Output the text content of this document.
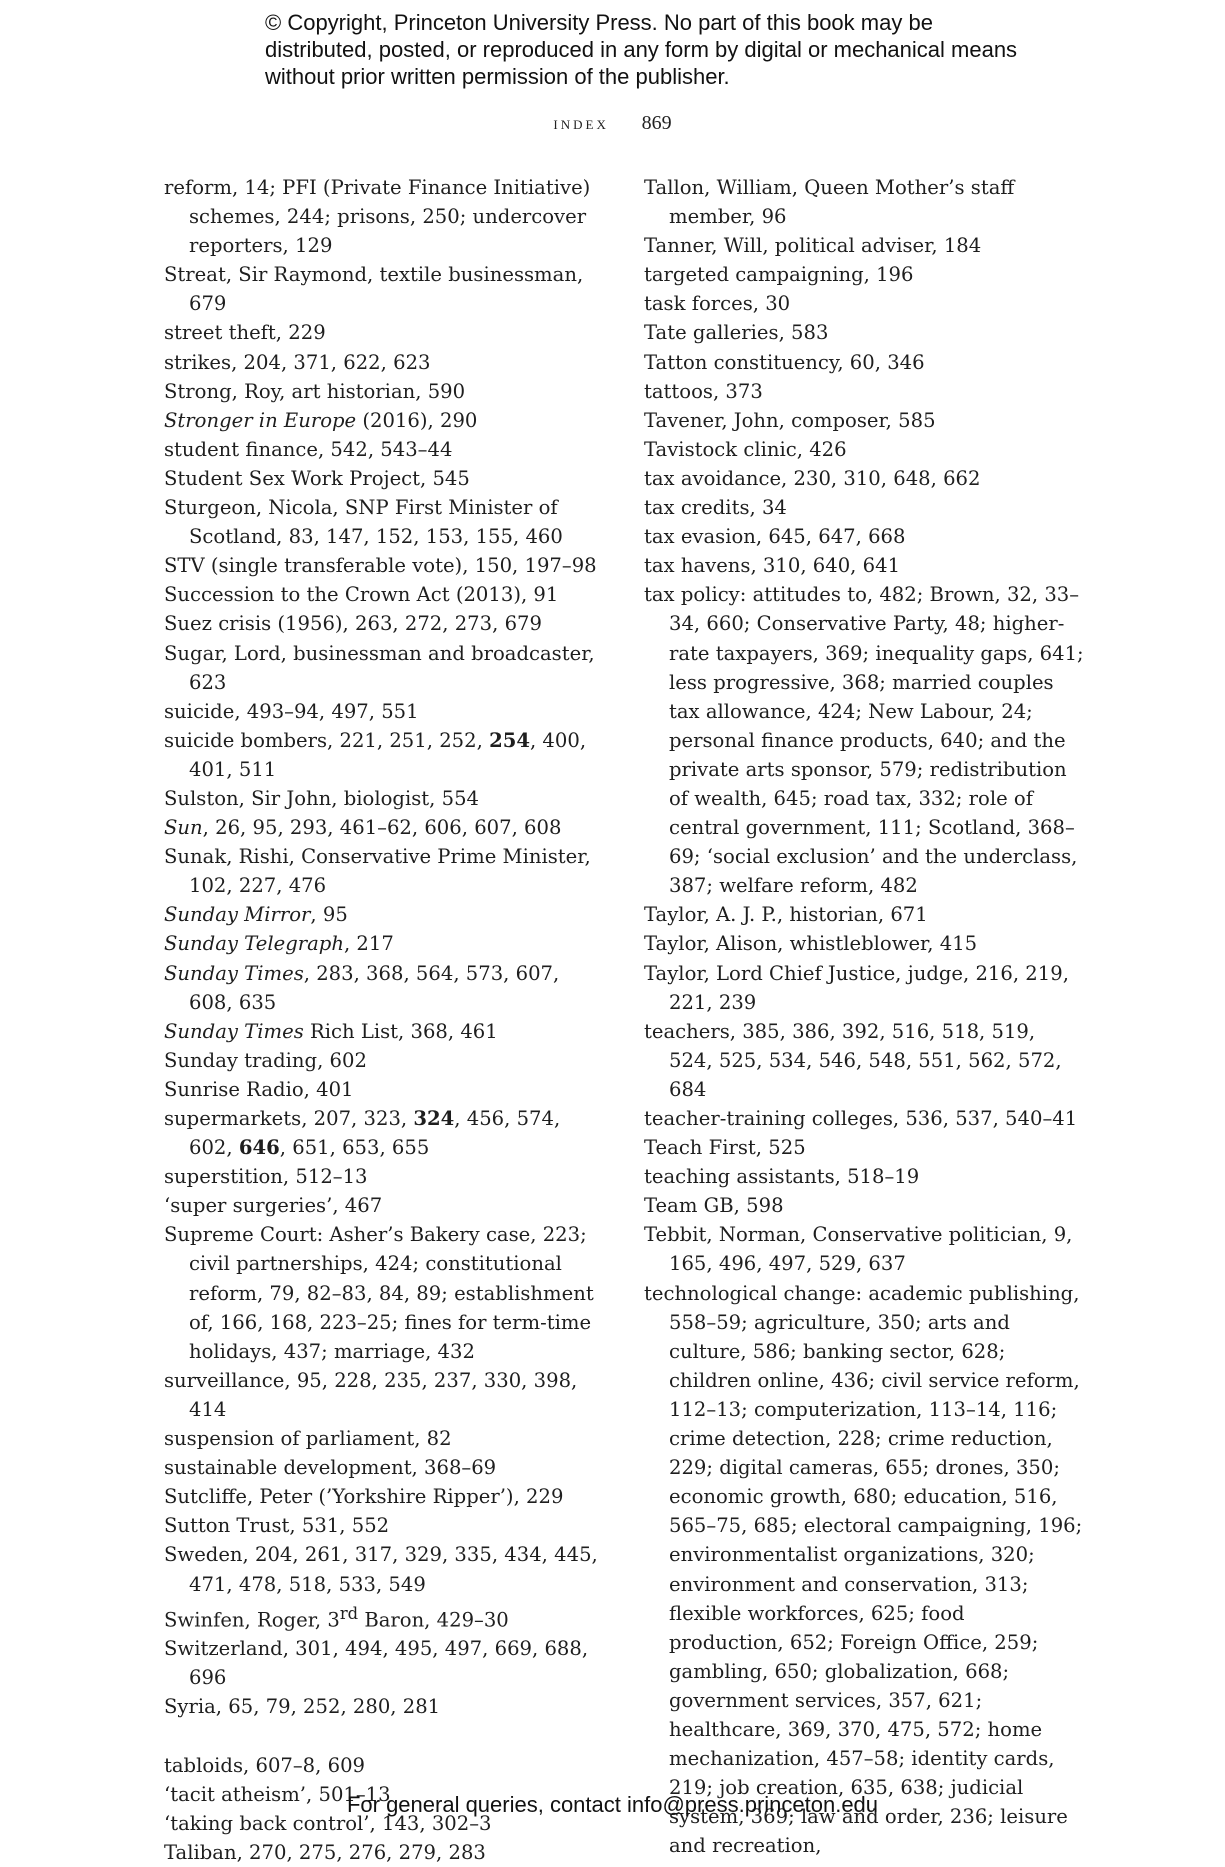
© Copyright, Princeton University Press. No part of this book may be distributed, posted, or reproduced in any form by digital or mechanical means without prior written permission of the publisher.
index 869
reform, 14; PFI (Private Finance Initiative) schemes, 244; prisons, 250; undercover reporters, 129
Streat, Sir Raymond, textile businessman, 679
street theft, 229
strikes, 204, 371, 622, 623
Strong, Roy, art historian, 590
Stronger in Europe (2016), 290
student finance, 542, 543–44
Student Sex Work Project, 545
Sturgeon, Nicola, SNP First Minister of Scotland, 83, 147, 152, 153, 155, 460
STV (single transferable vote), 150, 197–98
Succession to the Crown Act (2013), 91
Suez crisis (1956), 263, 272, 273, 679
Sugar, Lord, businessman and broadcaster, 623
suicide, 493–94, 497, 551
suicide bombers, 221, 251, 252, 254, 400, 401, 511
Sulston, Sir John, biologist, 554
Sun, 26, 95, 293, 461–62, 606, 607, 608
Sunak, Rishi, Conservative Prime Minister, 102, 227, 476
Sunday Mirror, 95
Sunday Telegraph, 217
Sunday Times, 283, 368, 564, 573, 607, 608, 635
Sunday Times Rich List, 368, 461
Sunday trading, 602
Sunrise Radio, 401
supermarkets, 207, 323, 324, 456, 574, 602, 646, 651, 653, 655
superstition, 512–13
‘super surgeries’, 467
Supreme Court: Asher’s Bakery case, 223; civil partnerships, 424; constitutional reform, 79, 82–83, 84, 89; establishment of, 166, 168, 223–25; fines for term-time holidays, 437; marriage, 432
surveillance, 95, 228, 235, 237, 330, 398, 414
suspension of parliament, 82
sustainable development, 368–69
Sutcliffe, Peter (’Yorkshire Ripper’), 229
Sutton Trust, 531, 552
Sweden, 204, 261, 317, 329, 335, 434, 445, 471, 478, 518, 533, 549
Swinfen, Roger, 3rd Baron, 429–30
Switzerland, 301, 494, 495, 497, 669, 688, 696
Syria, 65, 79, 252, 280, 281
tabloids, 607–8, 609
‘tacit atheism’, 501–13
‘taking back control’, 143, 302–3
Taliban, 270, 275, 276, 279, 283
Tallon, William, Queen Mother’s staff member, 96
Tanner, Will, political adviser, 184
targeted campaigning, 196
task forces, 30
Tate galleries, 583
Tatton constituency, 60, 346
tattoos, 373
Tavener, John, composer, 585
Tavistock clinic, 426
tax avoidance, 230, 310, 648, 662
tax credits, 34
tax evasion, 645, 647, 668
tax havens, 310, 640, 641
tax policy: attitudes to, 482; Brown, 32, 33–34, 660; Conservative Party, 48; higher-rate taxpayers, 369; inequality gaps, 641; less progressive, 368; married couples tax allowance, 424; New Labour, 24; personal finance products, 640; and the private arts sponsor, 579; redistribution of wealth, 645; road tax, 332; role of central government, 111; Scotland, 368–69; ‘social exclusion’ and the underclass, 387; welfare reform, 482
Taylor, A. J. P., historian, 671
Taylor, Alison, whistleblower, 415
Taylor, Lord Chief Justice, judge, 216, 219, 221, 239
teachers, 385, 386, 392, 516, 518, 519, 524, 525, 534, 546, 548, 551, 562, 572, 684
teacher-training colleges, 536, 537, 540–41
Teach First, 525
teaching assistants, 518–19
Team GB, 598
Tebbit, Norman, Conservative politician, 9, 165, 496, 497, 529, 637
technological change: academic publishing, 558–59; agriculture, 350; arts and culture, 586; banking sector, 628; children online, 436; civil service reform, 112–13; computerization, 113–14, 116; crime detection, 228; crime reduction, 229; digital cameras, 655; drones, 350; economic growth, 680; education, 516, 565–75, 685; electoral campaigning, 196; environmentalist organizations, 320; environment and conservation, 313; flexible workforces, 625; food production, 652; Foreign Office, 259; gambling, 650; globalization, 668; government services, 357, 621; healthcare, 369, 370, 475, 572; home mechanization, 457–58; identity cards, 219; job creation, 635, 638; judicial system, 369; law and order, 236; leisure and recreation,
For general queries, contact info@press.princeton.edu
